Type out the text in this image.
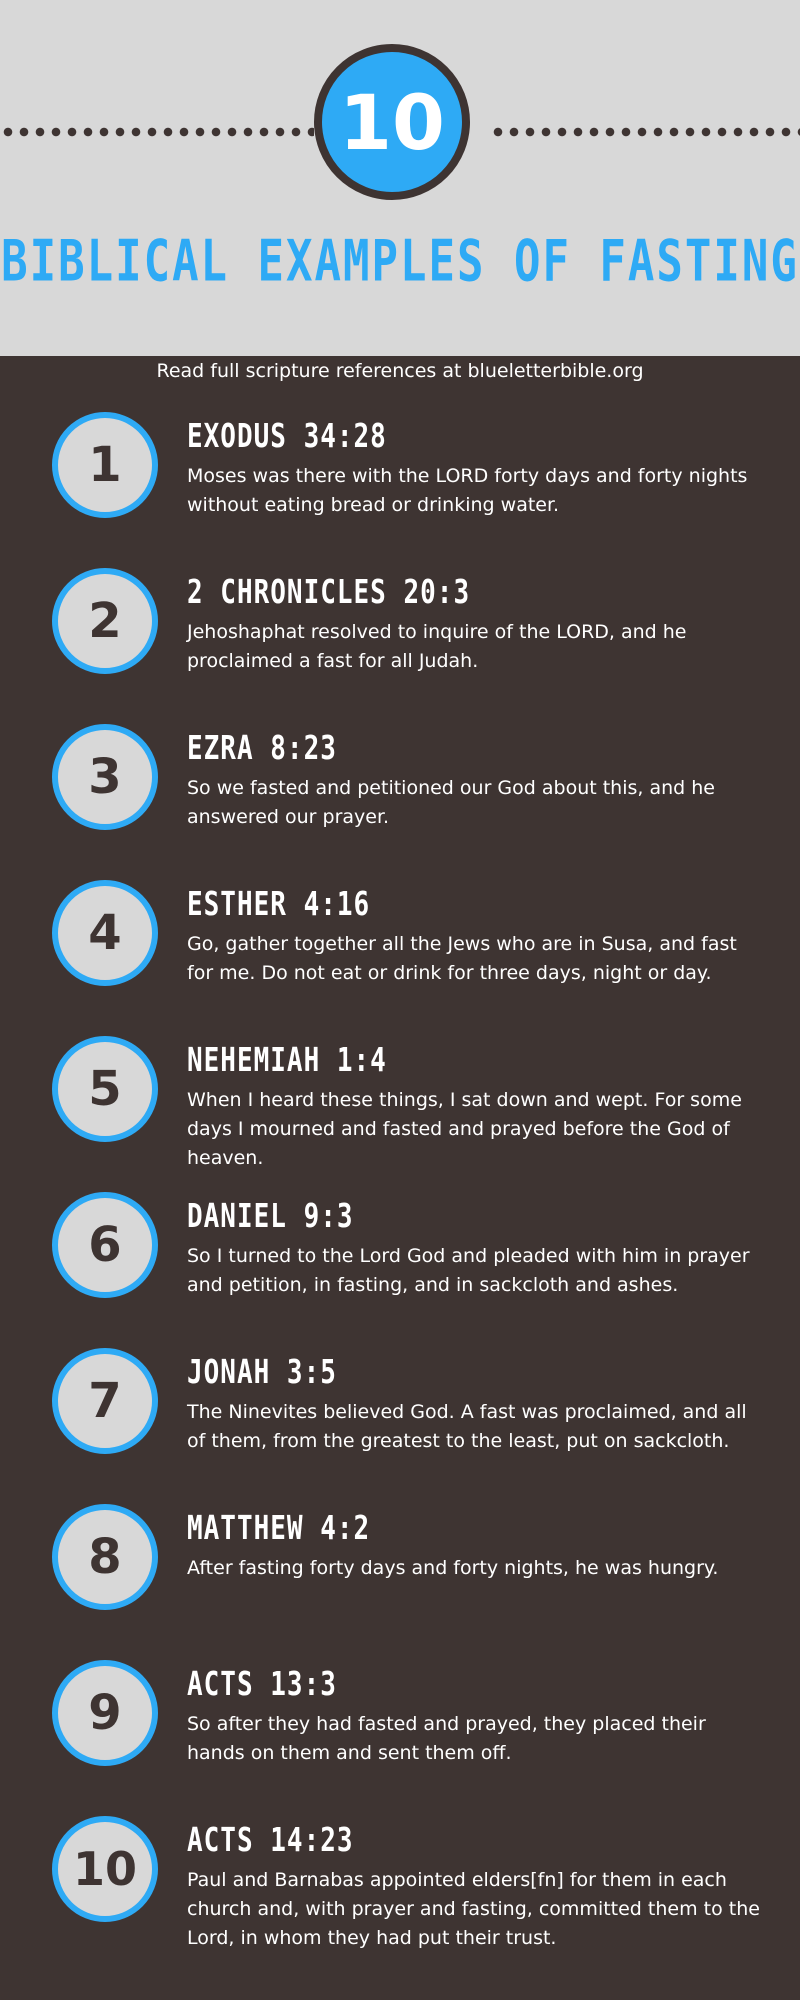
10
BIBLICAL EXAMPLES OF FASTING
Read full scripture references at blueletterbible.org
1
EXODUS 34:28
Moses was there with the LORD forty days and forty nights without eating bread or drinking water.
2
2 CHRONICLES 20:3
Jehoshaphat resolved to inquire of the LORD, and he proclaimed a fast for all Judah.
3
EZRA 8:23
So we fasted and petitioned our God about this, and he answered our prayer.
4
ESTHER 4:16
Go, gather together all the Jews who are in Susa, and fast for me. Do not eat or drink for three days, night or day.
5
NEHEMIAH 1:4
When I heard these things, I sat down and wept. For some days I mourned and fasted and prayed before the God of heaven.
6
DANIEL 9:3
So I turned to the Lord God and pleaded with him in prayer and petition, in fasting, and in sackcloth and ashes.
7
JONAH 3:5
The Ninevites believed God. A fast was proclaimed, and all of them, from the greatest to the least, put on sackcloth.
8
MATTHEW 4:2
After fasting forty days and forty nights, he was hungry.
9
ACTS 13:3
So after they had fasted and prayed, they placed their hands on them and sent them off.
10
ACTS 14:23
Paul and Barnabas appointed elders[fn] for them in each church and, with prayer and fasting, committed them to the Lord, in whom they had put their trust.
